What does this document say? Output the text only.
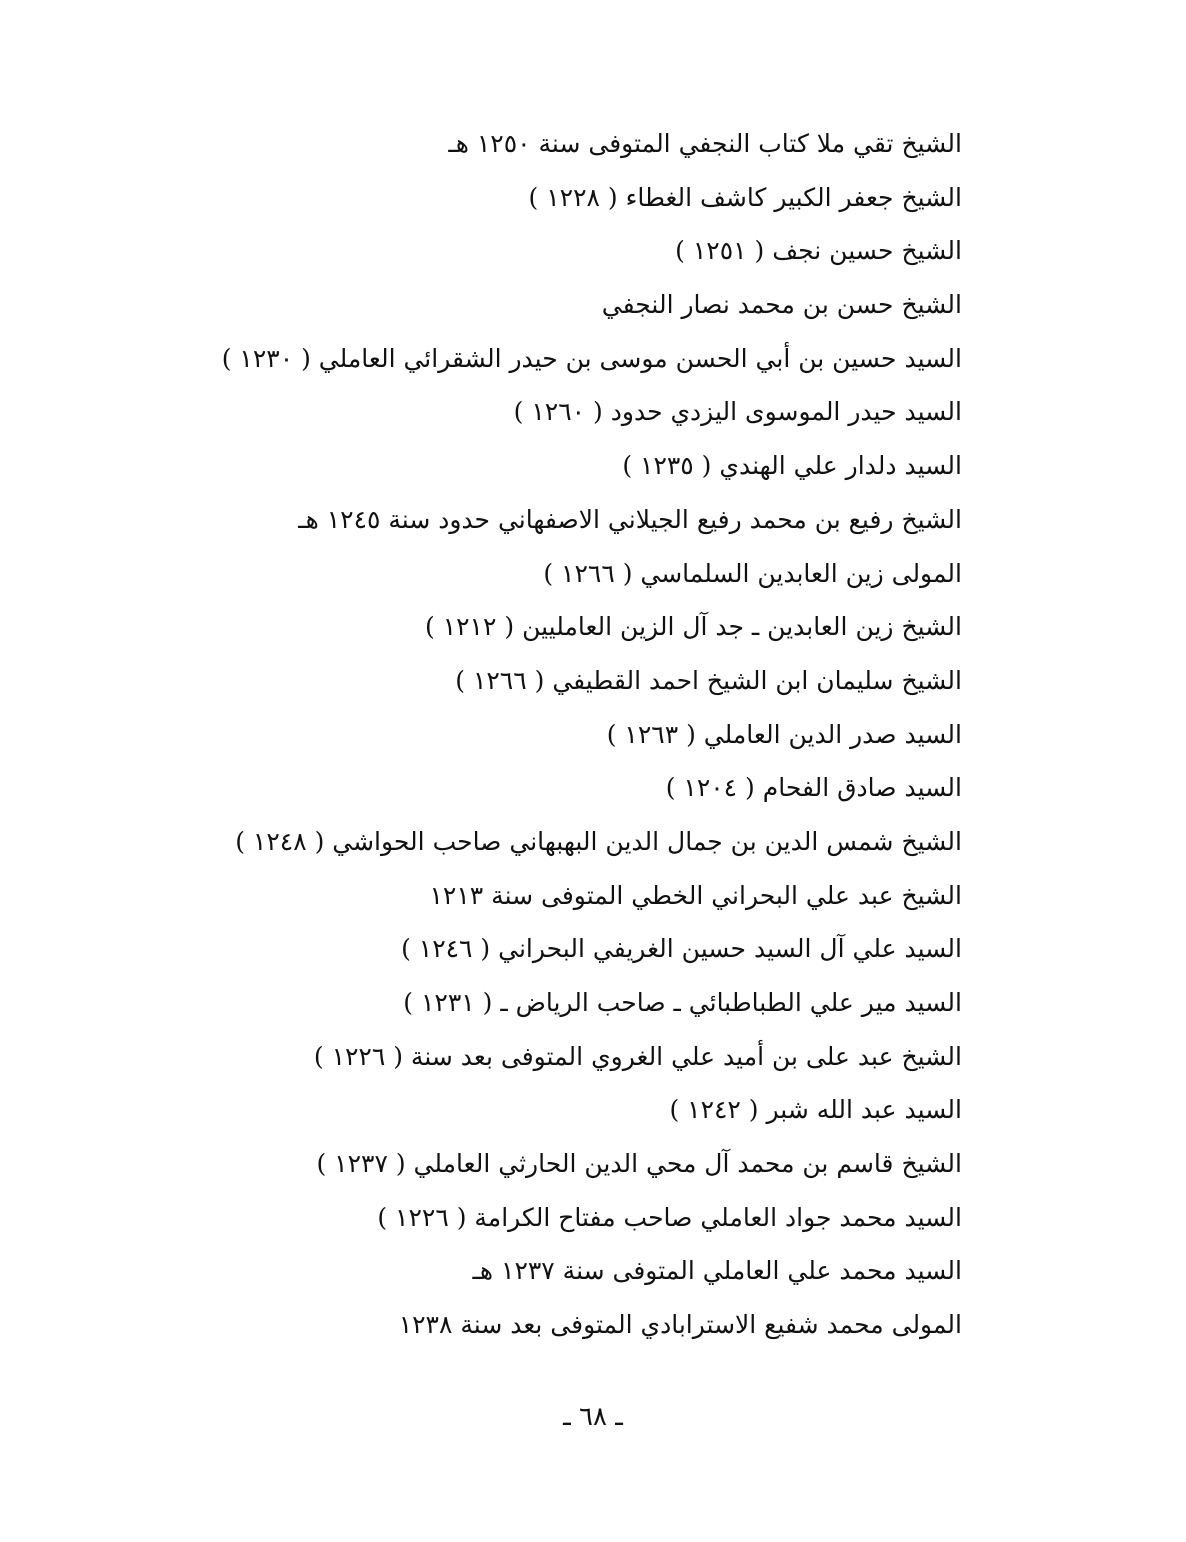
الشيخ تقي ملا كتاب النجفي المتوفى سنة ١٢٥٠ هـ
الشيخ جعفر الكبير كاشف الغطاء ( ١٢٢٨ )
الشيخ حسين نجف ( ١٢٥١ )
الشيخ حسن بن محمد نصار النجفي
السيد حسين بن أبي الحسن موسى بن حيدر الشقرائي العاملي ( ١٢٣٠ )
السيد حيدر الموسوى اليزدي حدود ( ١٢٦٠ )
السيد دلدار علي الهندي ( ١٢٣٥ )
الشيخ رفيع بن محمد رفيع الجيلاني الاصفهاني حدود سنة ١٢٤٥ هـ
المولى زين العابدين السلماسي ( ١٢٦٦ )
الشيخ زين العابدين ـ جد آل الزين العامليين ( ١٢١٢ )
الشيخ سليمان ابن الشيخ احمد القطيفي ( ١٢٦٦ )
السيد صدر الدين العاملي ( ١٢٦٣ )
السيد صادق الفحام ( ١٢٠٤ )
الشيخ شمس الدين بن جمال الدين البهبهاني صاحب الحواشي ( ١٢٤٨ )
الشيخ عبد علي البحراني الخطي المتوفى سنة ١٢١٣
السيد علي آل السيد حسين الغريفي البحراني ( ١٢٤٦ )
السيد مير علي الطباطبائي ـ صاحب الرياض ـ ( ١٢٣١ )
الشيخ عبد على بن أميد علي الغروي المتوفى بعد سنة ( ١٢٢٦ )
السيد عبد الله شبر ( ١٢٤٢ )
الشيخ قاسم بن محمد آل محي الدين الحارثي العاملي ( ١٢٣٧ )
السيد محمد جواد العاملي صاحب مفتاح الكرامة ( ١٢٢٦ )
السيد محمد علي العاملي المتوفى سنة ١٢٣٧ هـ
المولى محمد شفيع الاسترابادي المتوفى بعد سنة ١٢٣٨
ـ ٦٨ ـ
